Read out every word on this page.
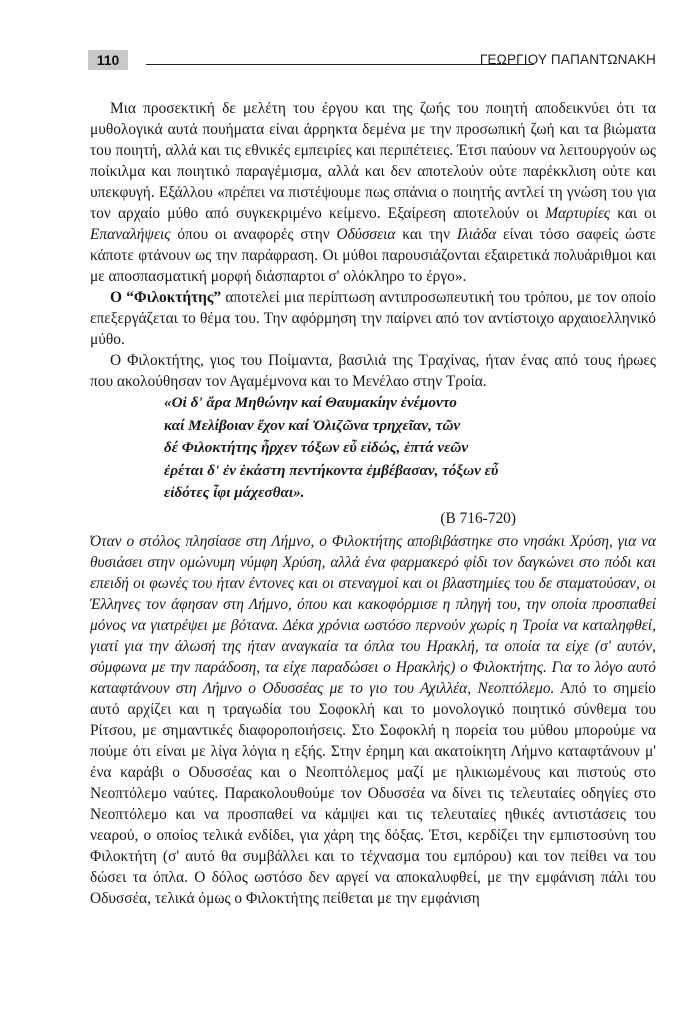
110	ΓΕΩΡΓΙΟΥ ΠΑΠΑΝΤΩΝΑΚΗ

Μια προσεκτική δε μελέτη του έργου και της ζωής του ποιητή αποδεικνύει ότι τα μυθολογικά αυτά πουήματα είναι άρρηκτα δεμένα με την προσωπική ζωή και τα βιώματα του ποιητή, αλλά και τις εθνικές εμπειρίες και περιπέτειες. Έτσι παύουν να λειτουργούν ως ποίκιλμα και ποιητικό παραγέμισμα, αλλά και δεν αποτελούν ούτε παρέκκλιση ούτε και υπεκφυγή. Εξάλλου «πρέπει να πιστέψουμε πως σπάνια ο ποιητής αντλεί τη γνώση του για τον αρχαίο μύθο από συγκεκριμένο κείμενο. Εξαίρεση αποτελούν οι Μαρτυρίες και οι Επαναλήψεις όπου οι αναφορές στην Οδύσσεια και την Ιλιάδα είναι τόσο σαφείς ώστε κάποτε φτάνουν ως την παράφραση. Οι μύθοι παρουσιάζονται εξαιρετικά πολυάριθμοι και με αποσπασματική μορφή διάσπαρτοι σ' ολόκληρο το έργο».

Ο “Φιλοκτήτης” αποτελεί μια περίπτωση αντιπροσωπευτική του τρόπου, με τον οποίο επεξεργάζεται το θέμα του. Την αφόρμηση την παίρνει από τον αντίστοιχο αρχαιοελληνικό μύθο.

Ο Φιλοκτήτης, γιος του Ποίμαντα, βασιλιά της Τραχίνας, ήταν ένας από τους ήρωες που ακολούθησαν τον Αγαμέμνονα και το Μενέλαο στην Τροία.

«Οἱ δ' ἄρα Μηθώνην καί Θαυμακίην ἐνέμοντο
καί Μελίβοιαν ἔχον καί Ὀλιζῶνα τρηχεῖαν, τῶν
δέ Φιλοκτήτης ἦρχεν τόξων εὖ εἰδώς, ἑπτά νεῶν
ἐρέται δ' ἐν ἑκάστη πεντήκοντα ἐμβέβασαν, τόξων εὖ
εἰδότες ἶφι μάχεσθαι».
(Β 716-720)

Όταν ο στόλος πλησίασε στη Λήμνο, ο Φιλοκτήτης αποβιβάστηκε στο νησάκι Χρύση, για να θυσιάσει στην ομώνυμη νύμφη Χρύση, αλλά ένα φαρμακερό φίδι τον δαγκώνει στο πόδι και επειδή οι φωνές του ήταν έντονες και οι στεναγμοί και οι βλαστημίες του δε σταματούσαν, οι Έλληνες τον άφησαν στη Λήμνο, όπου και κακοφόρμισε η πληγή του, την οποία προσπαθεί μόνος να γιατρέψει με βότανα. Δέκα χρόνια ωστόσο περνούν χωρίς η Τροία να καταληφθεί, γιατί για την άλωσή της ήταν αναγκαία τα όπλα του Ηρακλή, τα οποία τα είχε (σ' αυτόν, σύμφωνα με την παράδοση, τα είχε παραδώσει ο Ηρακλής) ο Φιλοκτήτης. Για το λόγο αυτό καταφτάνουν στη Λήμνο ο Οδυσσέας με το γιο του Αχιλλέα, Νεοπτόλεμο. Από το σημείο αυτό αρχίζει και η τραγωδία του Σοφοκλή και το μονολογικό ποιητικό σύνθεμα του Ρίτσου, με σημαντικές διαφοροποιήσεις. Στο Σοφοκλή η πορεία του μύθου μπορούμε να πούμε ότι είναι με λίγα λόγια η εξής. Στην έρημη και ακατοίκητη Λήμνο καταφτάνουν μ' ένα καράβι ο Οδυσσέας και ο Νεοπτόλεμος μαζί με ηλικιωμένους και πιστούς στο Νεοπτόλεμο ναύτες. Παρακολουθούμε τον Οδυσσέα να δίνει τις τελευταίες οδηγίες στο Νεοπτόλεμο και να προσπαθεί να κάμψει και τις τελευταίες ηθικές αντιστάσεις του νεαρού, ο οποίος τελικά ενδίδει, για χάρη της δόξας. Έτσι, κερδίζει την εμπιστοσύνη του Φιλοκτήτη (σ' αυτό θα συμβάλλει και το τέχνασμα του εμπόρου) και τον πείθει να του δώσει τα όπλα. Ο δόλος ωστόσο δεν αργεί να αποκαλυφθεί, με την εμφάνιση πάλι του Οδυσσέα, τελικά όμως ο Φιλοκτήτης πείθεται με την εμφάνιση
